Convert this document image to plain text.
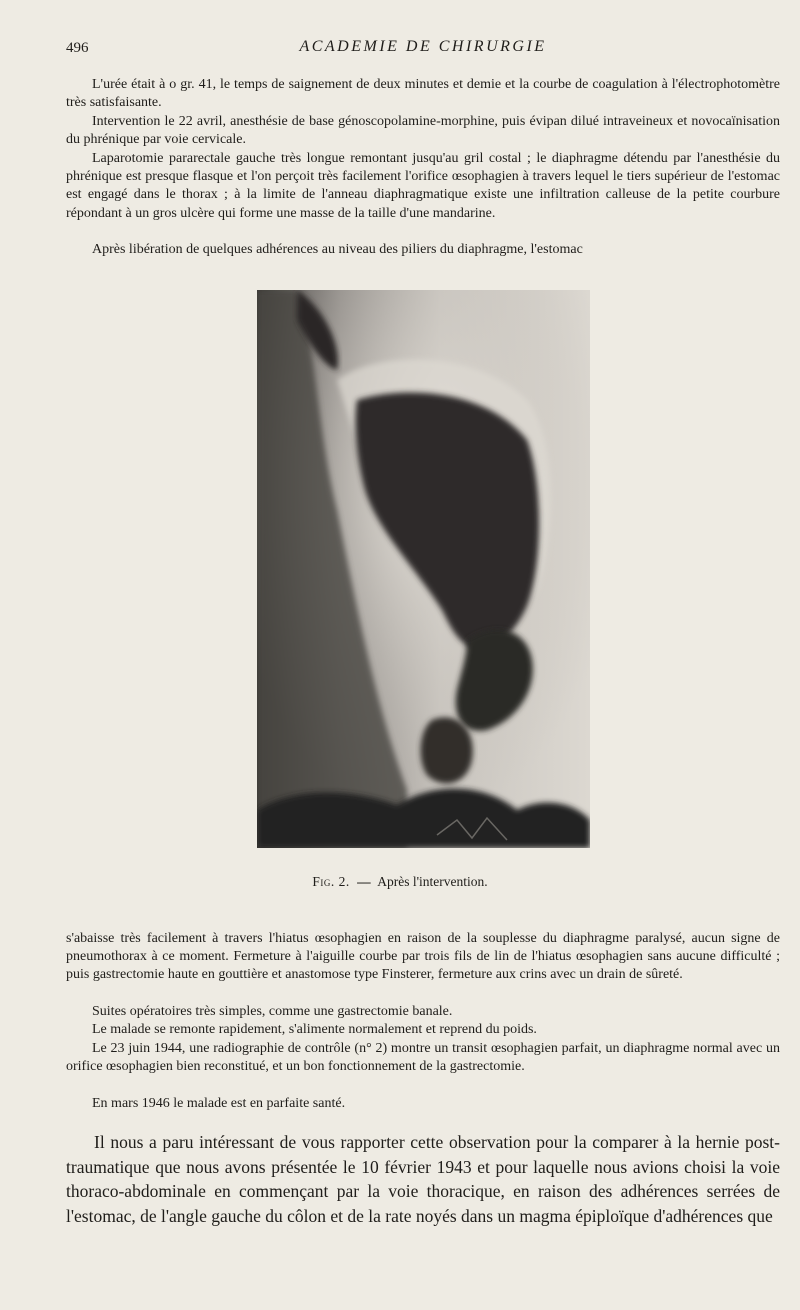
496	ACADEMIE DE CHIRURGIE

L'urée était à o gr. 41, le temps de saignement de deux minutes et demie et la courbe de coagulation à l'électrophotomètre très satisfaisante.

Intervention le 22 avril, anesthésie de base génoscopolamine-morphine, puis évipan dilué intraveineux et novocaïnisation du phrénique par voie cervicale.

Laparotomie pararectale gauche très longue remontant jusqu'au gril costal ; le diaphragme détendu par l'anesthésie du phrénique est presque flasque et l'on perçoit très facilement l'orifice œsophagien à travers lequel le tiers supérieur de l'estomac est engagé dans le thorax ; à la limite de l'anneau diaphragmatique existe une infiltration calleuse de la petite courbure répondant à un gros ulcère qui forme une masse de la taille d'une mandarine.

Après libération de quelques adhérences au niveau des piliers du diaphragme, l'estomac

Fig. 2. — Après l'intervention.

s'abaisse très facilement à travers l'hiatus œsophagien en raison de la souplesse du diaphragme paralysé, aucun signe de pneumothorax à ce moment. Fermeture à l'aiguille courbe par trois fils de lin de l'hiatus œsophagien sans aucune difficulté ; puis gastrectomie haute en gouttière et anastomose type Finsterer, fermeture aux crins avec un drain de sûreté.

Suites opératoires très simples, comme une gastrectomie banale.

Le malade se remonte rapidement, s'alimente normalement et reprend du poids.

Le 23 juin 1944, une radiographie de contrôle (n° 2) montre un transit œsophagien parfait, un diaphragme normal avec un orifice œsophagien bien reconstitué, et un bon fonctionnement de la gastrectomie.

En mars 1946 le malade est en parfaite santé.

Il nous a paru intéressant de vous rapporter cette observation pour la comparer à la hernie post-traumatique que nous avons présentée le 10 février 1943 et pour laquelle nous avions choisi la voie thoraco-abdominale en commençant par la voie thoracique, en raison des adhérences serrées de l'estomac, de l'angle gauche du côlon et de la rate noyés dans un magma épiploïque d'adhérences que
